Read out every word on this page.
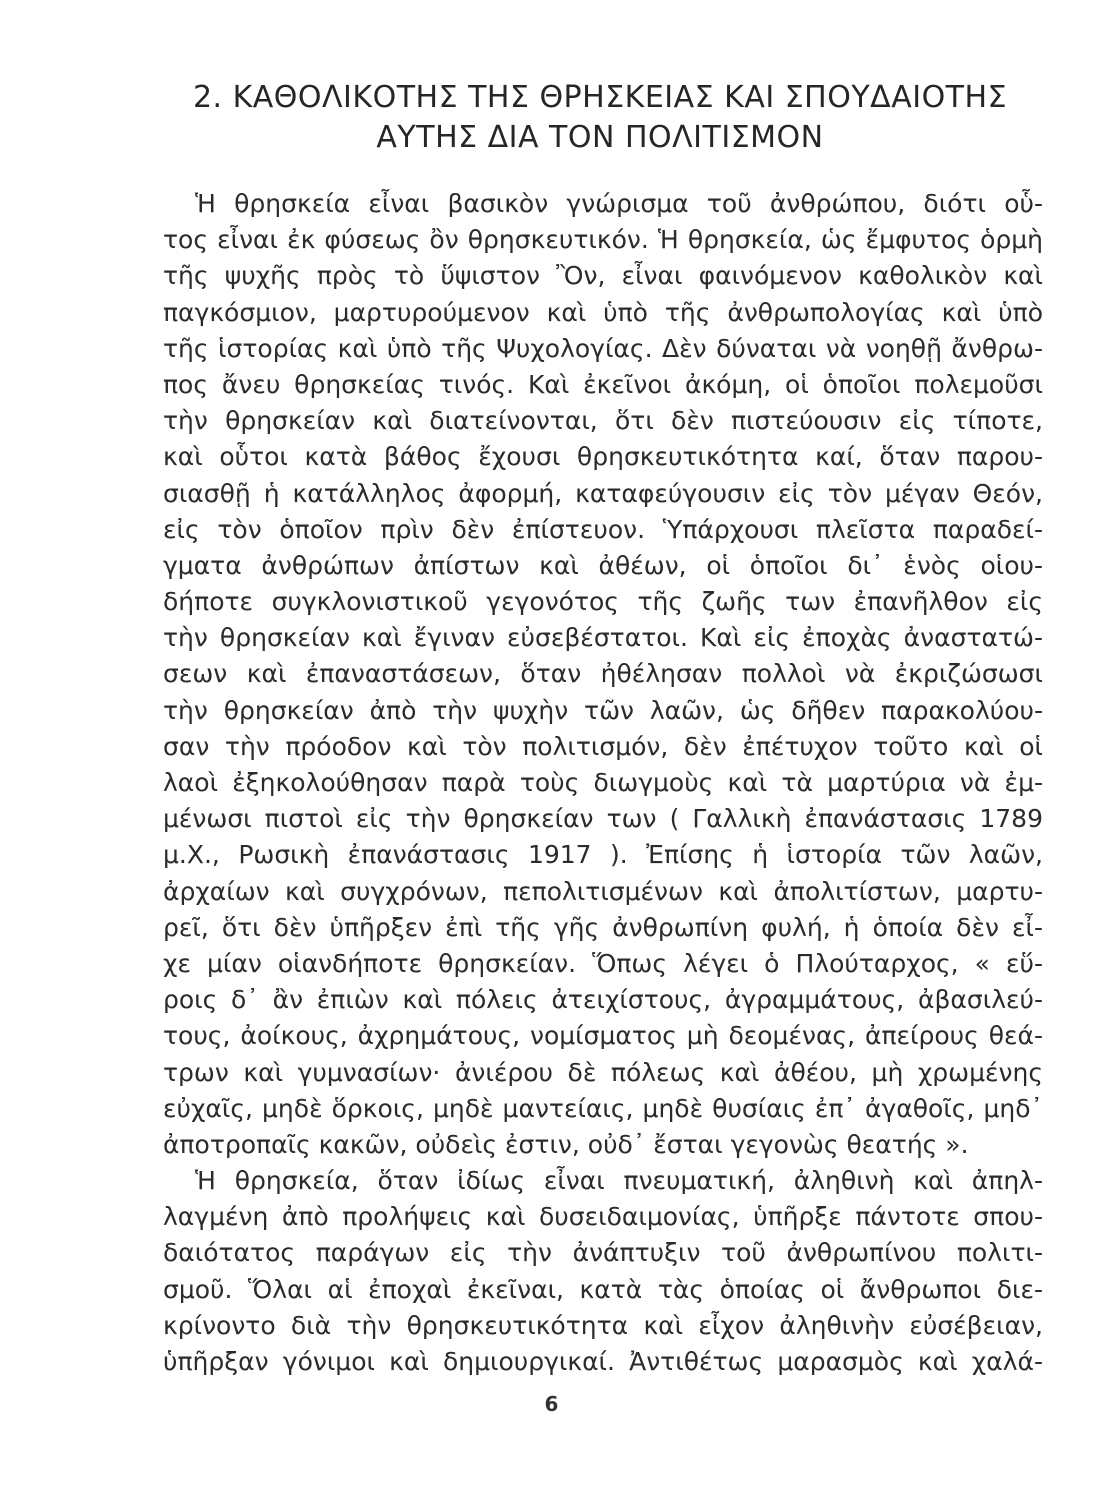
2. ΚΑΘΟΛΙΚΟΤΗΣ ΤΗΣ ΘΡΗΣΚΕΙΑΣ ΚΑΙ ΣΠΟΥΔΑΙΟΤΗΣ
ΑΥΤΗΣ ΔΙΑ ΤΟΝ ΠΟΛΙΤΙΣΜΟΝ
Ἡ θρησκεία εἶναι βασικὸν γνώρισμα τοῦ ἀνθρώπου, διότι οὗ-
τος εἶναι ἐκ φύσεως ὂν θρησκευτικόν. Ἡ θρησκεία, ὡς ἔμφυτος ὁρμὴ
τῆς ψυχῆς πρὸς τὸ ὕψιστον Ὂν, εἶναι φαινόμενον καθολικὸν καὶ
παγκόσμιον, μαρτυρούμενον καὶ ὑπὸ τῆς ἀνθρωπολογίας καὶ ὑπὸ
τῆς ἱστορίας καὶ ὑπὸ τῆς Ψυχολογίας. Δὲν δύναται νὰ νοηθῇ ἄνθρω-
πος ἄνευ θρησκείας τινός. Καὶ ἐκεῖνοι ἀκόμη, οἱ ὁποῖοι πολεμοῦσι
τὴν θρησκείαν καὶ διατείνονται, ὅτι δὲν πιστεύουσιν εἰς τίποτε,
καὶ οὗτοι κατὰ βάθος ἔχουσι θρησκευτικότητα καί, ὅταν παρου-
σιασθῇ ἡ κατάλληλος ἀφορμή, καταφεύγουσιν εἰς τὸν μέγαν Θεόν,
εἰς τὸν ὁποῖον πρὶν δὲν ἐπίστευον. Ὑπάρχουσι πλεῖστα παραδεί-
γματα ἀνθρώπων ἀπίστων καὶ ἀθέων, οἱ ὁποῖοι δι᾿ ἑνὸς οἱου-
δήποτε συγκλονιστικοῦ γεγονότος τῆς ζωῆς των ἐπανῆλθον εἰς
τὴν θρησκείαν καὶ ἔγιναν εὐσεβέστατοι. Καὶ εἰς ἐποχὰς ἀναστατώ-
σεων καὶ ἐπαναστάσεων, ὅταν ἠθέλησαν πολλοὶ νὰ ἐκριζώσωσι
τὴν θρησκείαν ἀπὸ τὴν ψυχὴν τῶν λαῶν, ὡς δῆθεν παρακολύου-
σαν τὴν πρόοδον καὶ τὸν πολιτισμόν, δὲν ἐπέτυχον τοῦτο καὶ οἱ
λαοὶ ἐξηκολούθησαν παρὰ τοὺς διωγμοὺς καὶ τὰ μαρτύρια νὰ ἐμ-
μένωσι πιστοὶ εἰς τὴν θρησκείαν των ( Γαλλικὴ ἐπανάστασις 1789
μ.Χ., Ρωσικὴ ἐπανάστασις 1917 ). Ἐπίσης ἡ ἱστορία τῶν λαῶν,
ἀρχαίων καὶ συγχρόνων, πεπολιτισμένων καὶ ἀπολιτίστων, μαρτυ-
ρεῖ, ὅτι δὲν ὑπῆρξεν ἐπὶ τῆς γῆς ἀνθρωπίνη φυλή, ἡ ὁποία δὲν εἶ-
χε μίαν οἱανδήποτε θρησκείαν. Ὅπως λέγει ὁ Πλούταρχος, « εὕ-
ροις δ᾿ ἂν ἐπιὼν καὶ πόλεις ἀτειχίστους, ἀγραμμάτους, ἀβασιλεύ-
τους, ἀοίκους, ἀχρημάτους, νομίσματος μὴ δεομένας, ἀπείρους θεά-
τρων καὶ γυμνασίων· ἀνιέρου δὲ πόλεως καὶ ἀθέου, μὴ χρωμένης
εὐχαῖς, μηδὲ ὅρκοις, μηδὲ μαντείαις, μηδὲ θυσίαις ἐπ᾿ ἀγαθοῖς, μηδ᾿
ἀποτροπαῖς κακῶν, οὐδεὶς ἐστιν, οὐδ᾿ ἔσται γεγονὼς θεατής ».
Ἡ θρησκεία, ὅταν ἰδίως εἶναι πνευματική, ἀληθινὴ καὶ ἀπηλ-
λαγμένη ἀπὸ προλήψεις καὶ δυσειδαιμονίας, ὑπῆρξε πάντοτε σπου-
δαιότατος παράγων εἰς τὴν ἀνάπτυξιν τοῦ ἀνθρωπίνου πολιτι-
σμοῦ. Ὅλαι αἱ ἐποχαὶ ἐκεῖναι, κατὰ τὰς ὁποίας οἱ ἄνθρωποι διε-
κρίνοντο διὰ τὴν θρησκευτικότητα καὶ εἶχον ἀληθινὴν εὐσέβειαν,
ὑπῆρξαν γόνιμοι καὶ δημιουργικαί. Ἀντιθέτως μαρασμὸς καὶ χαλά-
6
